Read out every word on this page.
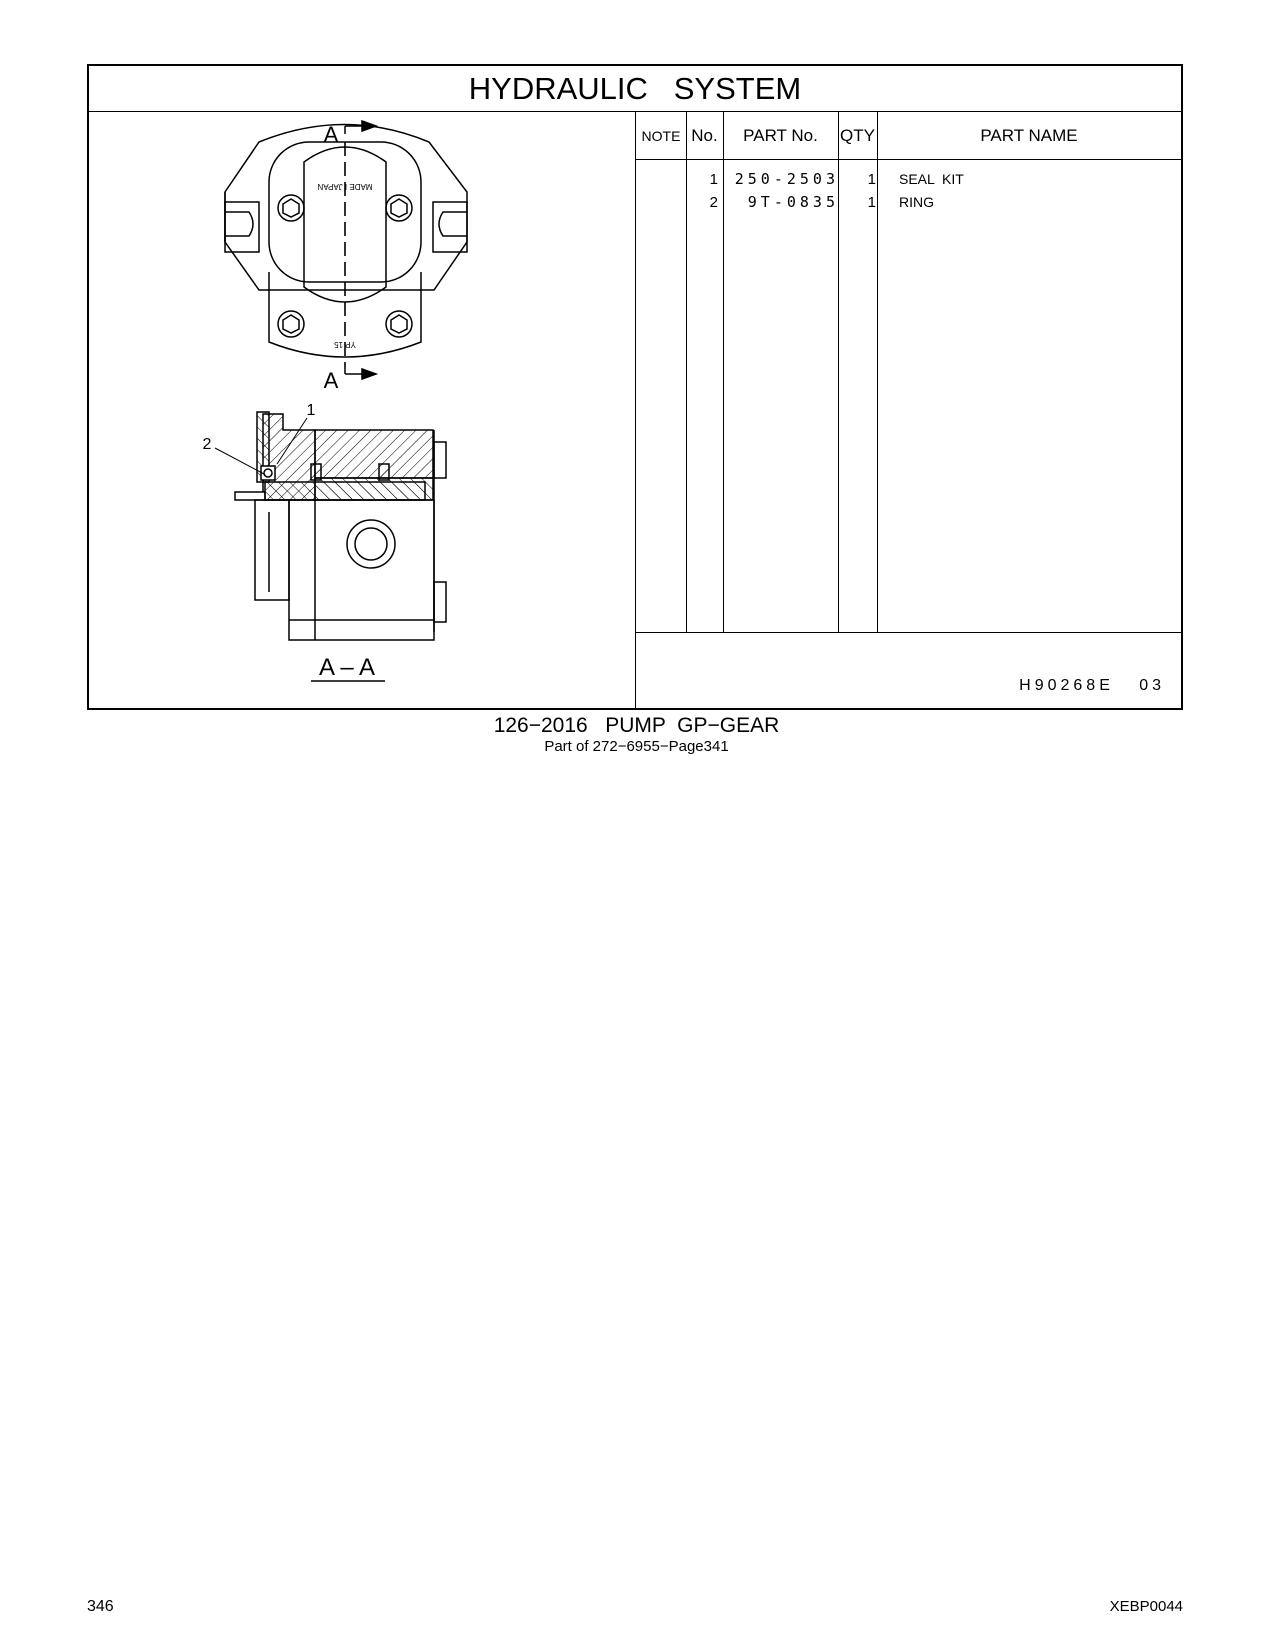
HYDRAULIC   SYSTEM
MADE I JAPAN
YP 15
A
A
1
2
A – A
NOTE No.	PART No.	QTY	PART NAME
1 250-2503	1 SEAL  KIT
2	9T-0835	1 RING
H90268E   03
126−2016   PUMP  GP−GEAR
Part of 272−6955−Page341
346	XEBP0044
